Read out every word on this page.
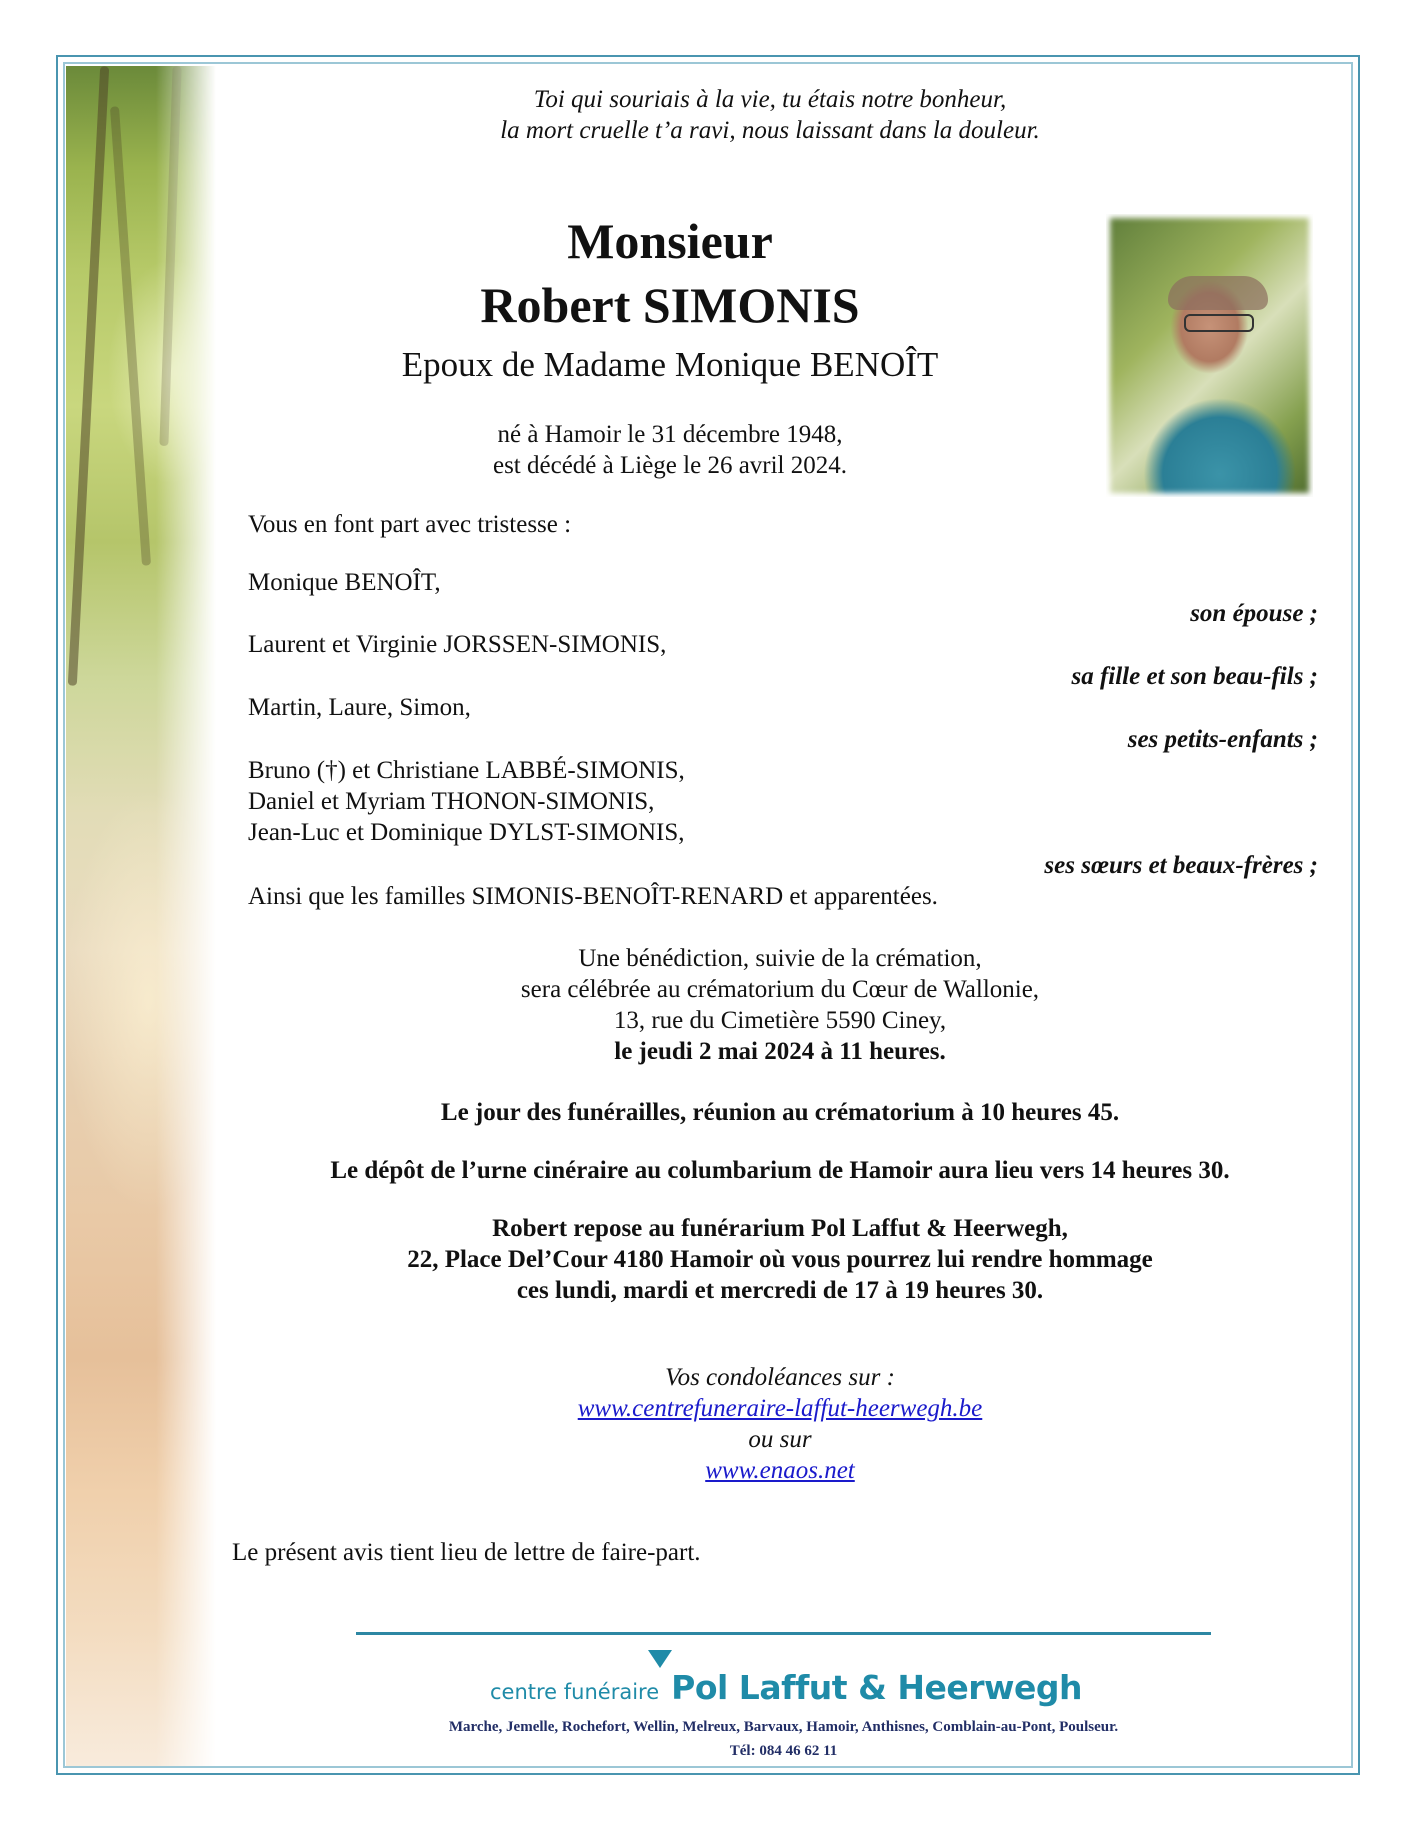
Toi qui souriais à la vie, tu étais notre bonheur,
la mort cruelle t’a ravi, nous laissant dans la douleur.
Monsieur
Robert SIMONIS
Epoux de Madame Monique BENOÎT
né à Hamoir le 31 décembre 1948,
est décédé à Liège le 26 avril 2024.
Vous en font part avec tristesse :
Monique BENOÎT,
son épouse ;
Laurent et Virginie JORSSEN-SIMONIS,
sa fille et son beau-fils ;
Martin, Laure, Simon,
ses petits-enfants ;
Bruno (†) et Christiane LABBÉ-SIMONIS,
Daniel et Myriam THONON-SIMONIS,
Jean-Luc et Dominique DYLST-SIMONIS,
ses sœurs et beaux-frères ;
Ainsi que les familles SIMONIS-BENOÎT-RENARD et apparentées.
Une bénédiction, suivie de la crémation,
sera célébrée au crématorium du Cœur de Wallonie,
13, rue du Cimetière 5590 Ciney,
le jeudi 2 mai 2024 à 11 heures.
Le jour des funérailles, réunion au crématorium à 10 heures 45.
Le dépôt de l’urne cinéraire au columbarium de Hamoir aura lieu vers 14 heures 30.
Robert repose au funérarium Pol Laffut & Heerwegh,
22, Place Del’Cour 4180 Hamoir où vous pourrez lui rendre hommage
ces lundi, mardi et mercredi de 17 à 19 heures 30.
Vos condoléances sur :
www.centrefuneraire-laffut-heerwegh.be
ou sur
www.enaos.net
Le présent avis tient lieu de lettre de faire-part.
centre funéraire Pol Laffut & Heerwegh
Marche, Jemelle, Rochefort, Wellin, Melreux, Barvaux, Hamoir, Anthisnes, Comblain-au-Pont, Poulseur.
Tél: 084 46 62 11
